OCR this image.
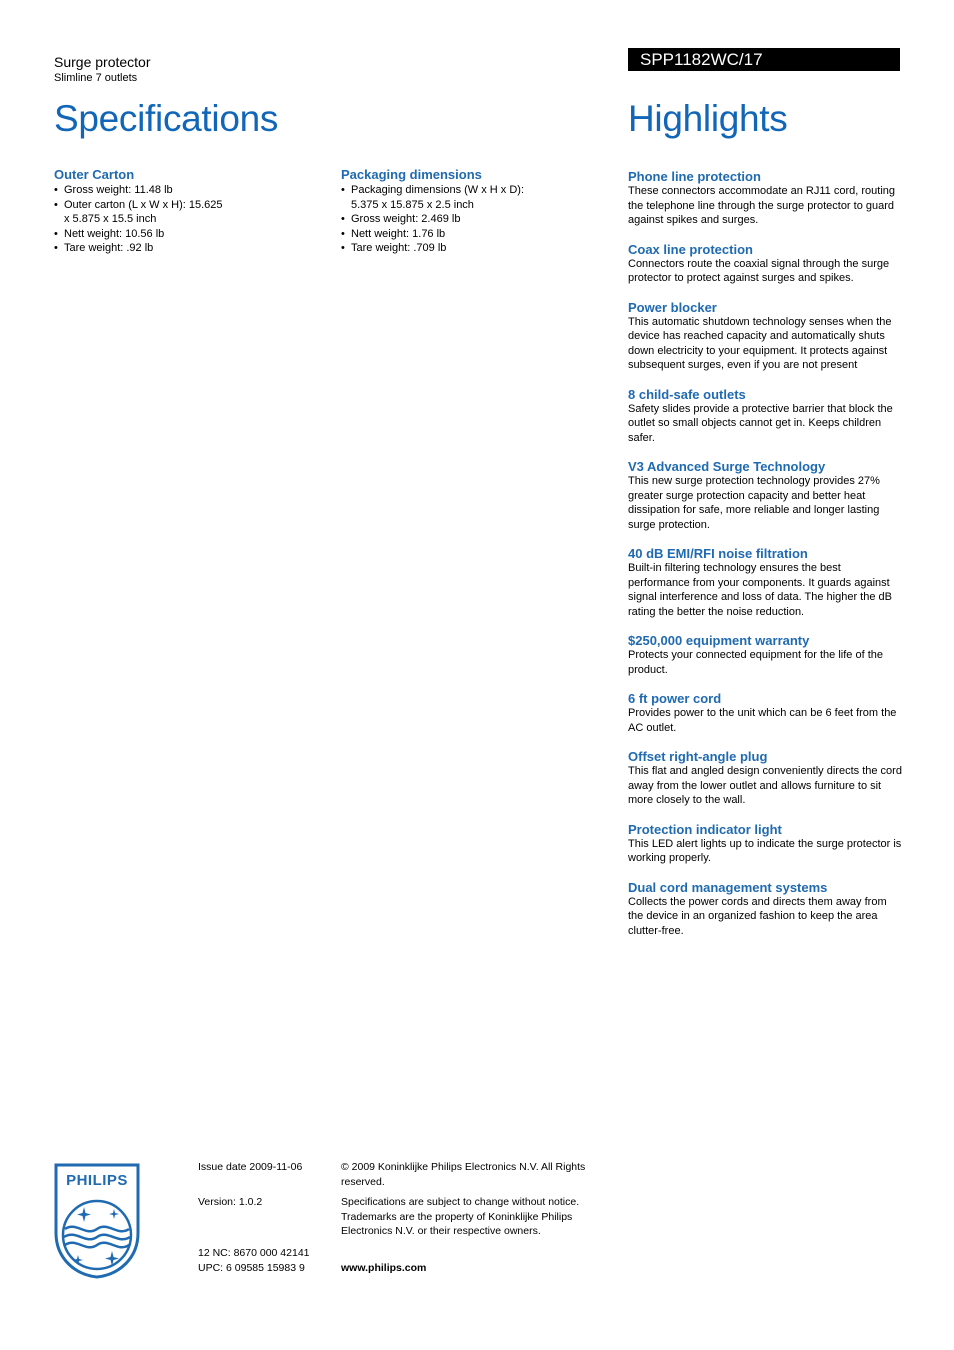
Surge protector
Slimline 7 outlets
Specifications
SPP1182WC/17
Highlights
Outer Carton
• Gross weight: 11.48 lb
• Outer carton (L x W x H): 15.625 x 5.875 x 15.5 inch
• Nett weight: 10.56 lb
• Tare weight: .92 lb
Packaging dimensions
• Packaging dimensions (W x H x D): 5.375 x 15.875 x 2.5 inch
• Gross weight: 2.469 lb
• Nett weight: 1.76 lb
• Tare weight: .709 lb
Phone line protection
These connectors accommodate an RJ11 cord, routing the telephone line through the surge protector to guard against spikes and surges.
Coax line protection
Connectors route the coaxial signal through the surge protector to protect against surges and spikes.
Power blocker
This automatic shutdown technology senses when the device has reached capacity and automatically shuts down electricity to your equipment. It protects against subsequent surges, even if you are not present
8 child-safe outlets
Safety slides provide a protective barrier that block the outlet so small objects cannot get in. Keeps children safer.
V3 Advanced Surge Technology
This new surge protection technology provides 27% greater surge protection capacity and better heat dissipation for safe, more reliable and longer lasting surge protection.
40 dB EMI/RFI noise filtration
Built-in filtering technology ensures the best performance from your components. It guards against signal interference and loss of data. The higher the dB rating the better the noise reduction.
$250,000 equipment warranty
Protects your connected equipment for the life of the product.
6 ft power cord
Provides power to the unit which can be 6 feet from the AC outlet.
Offset right-angle plug
This flat and angled design conveniently directs the cord away from the lower outlet and allows furniture to sit more closely to the wall.
Protection indicator light
This LED alert lights up to indicate the surge protector is working properly.
Dual cord management systems
Collects the power cords and directs them away from the device in an organized fashion to keep the area clutter-free.
PHILIPS
Issue date 2009-11-06
Version: 1.0.2
12 NC: 8670 000 42141
UPC: 6 09585 15983 9
© 2009 Koninklijke Philips Electronics N.V. All Rights reserved.
Specifications are subject to change without notice. Trademarks are the property of Koninklijke Philips Electronics N.V. or their respective owners.
www.philips.com
